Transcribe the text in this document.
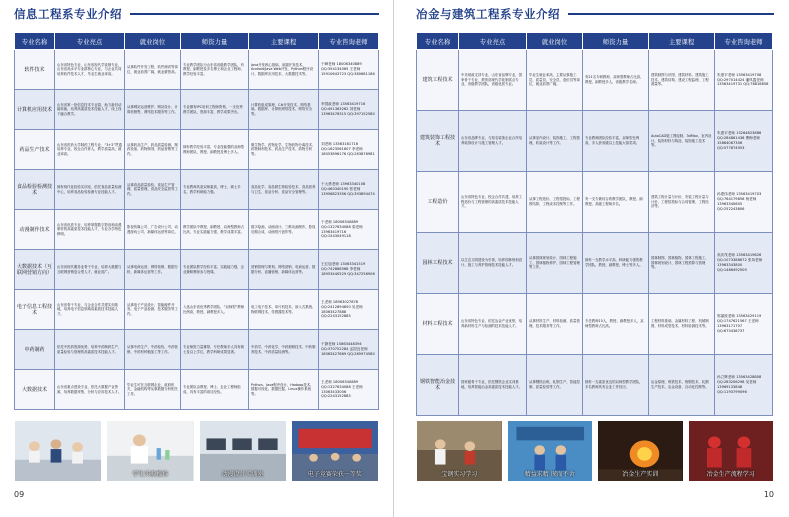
信息工程系专业介绍
专业名称	专业亮点	就业岗位	师资力量	主要课程	专业咨询老师
软件技术	山东省特色专业，山东省现代学徒制专业，山东省高水平专业群核心专业，与企业共同培养软件技术人才，毕业生就业率高。	从事软件开发工程、软件测试等岗位，就业前景广阔，就业薪资高。	专业教学团队为山东省省级教学团队，有教授、副教授及多名博士和企业工程师，教学经验丰富。	Java开发核心基础、前端开发技术、Android/Java Web开发、Python程序设计、数据库应用技术、大数据技术等。	于峰老师 18006340889 QQ:354134065 王老师 15910643723 QQ:380681186
计算机应用技术	山东省第一批信息技术专业群，助力新旧动能转换，培养高素质技术技能人才，线上线下融合教学。	从事网站运营维护、网站设计、计算机销售、网络技术服务等工作。	专业拥有IPC培训工程师资格、一支优秀教学团队，资源丰富，教学成果突出。	计算机组成原理、C#开发技术、网络基础、数据库、计算机网络技术、网络安全等。	李国政老师 13563419716 QQ:491363262 刘老师 13963476315 QQ:397152580
药品生产技术	山东省医药大学制药工程专业，“3+2”贯通培养专业，校企合作育人，教学质量高，就业率高。	从事药品生产、药品质量检测、制药设备、药物制剂、药品营销等工作。	拥有教学经验丰富、专业技能强的双师型教师团队，教授、副教授及博士多人。	微生物学、药物化学、生物药物分离技术、药物制剂技术、药品生产技术、药物分析等。	刘老师 13563161716 QQ:1623561607 李老师 18053896176 QQ:263876981
食品检验检测技术	拥有现代化检验实训室，依托食品质量检测中心，培养食品检验检测专业技能人才。	从事食品质量检验、食品生产管理、质量管理、食品安全监管等工作。	专业教师具备双师素质，博士、硕士多名，教学科研能力强。	食品化学、食品微生物检验技术、食品营养与卫生、食品分析、食品安全管理等。	于大勇老师 13963340108 QQ:460340190 张老师 13956823356 QQ:393894474
动漫制作技术	山东省优质专业，培养掌握数字影视和动漫制作的高素质技术技能人才，专业办学特色鲜明。	影视传媒公司、广告设计公司、动漫游戏公司、新媒体运营等岗位。	教学团队中教授、副教授、双师型教师占比高，专业实践能力强，教学成果丰富。	数字绘画、动画设计、三维动画制作、影视后期合成、动画短片创作等。	于老师 18006340889 QQ:1327634088 梁老师 13963419716 QQ:1543049118
大数据技术（互联网营销方向）	山东省现代服务业骨干专业，培养大数据与互联网营销复合型人才，就业面广。	从事电商运营、网络营销、数据分析、新媒体运营等工作。	专业团队教学经验丰富，实践能力强，企业兼职教师参与授课。	营销管理与策划、网络营销、电商运营、数据分析、直播营销、新媒体运营等。	王红旭老师 13063341519 QQ:742888568 李老师 18953440529 QQ:347256906
电子信息工程技术	山东省骨干专业，与企业合作共建实训基地，培养电子信息领域高素质技术技能人才。	从事电子产品设计、智能硬件开发、电子产品检测、技术服务等工作。	入选山东省优秀教学团队，“双师型”教师比例高，教授、副教授多人。	电工电子技术、单片机技术、嵌入式系统、物联网技术、传感器技术等。	王老师 18963027878 QQ:2412894850 吴老师 18063427888 QQ:2243152885
中药制药	依托中医药资源优势，培养中药制药生产、质量检验与管理的高素质技术技能人才。	从事中药生产、中药检验、中药营销、中药材种植加工等工作。	专业师资力量雄厚，专任教师多人具有硕士及以上学位，教学科研成果显著。	中药学、中药化学、中药炮制技术、中药制剂技术、中药质量检测等。	于静老师 15863448394 QQ:370752284 孟国良老师 18063427869 QQ:285974580
大数据技术	山东省重点建设专业，依托大数据产业资源，培养数据采集、分析与应用技术人才。	毕业生可在互联网企业、政府机关、金融机构等从事数据分析相关工作。	专业团队由教授、博士、企业工程师组成，具有丰富的项目经验。	Python、Java程序设计、Hadoop技术、数据可视化、数据挖掘、Linux操作系统等。	王老师 18006340889 QQ:1327634088 王老师 13063433006 QQ:2243152885
学生实验操作	动漫设计实训室	电子竞赛荣获一等奖
09
冶金与建筑工程系专业介绍
专业名称	专业亮点	就业岗位	师资力量	主要课程	专业咨询老师
建筑工程技术	中央财政支持专业，山东省品牌专业，国家骨干专业，教育部现代学徒制试点专业，省级教学团队，省级优质专业。	毕业生就业率高，主要从事施工员、质量员、安全员、造价员等岗位，就业前景广阔。	有21名专职教师，双师型教师占比高，教授、副教授多人，省级教学名师。	建筑制图与识图、建筑材料、建筑施工技术、建筑结构、建设工程监理、工程测量等。	朱建平老师 13563419708 QQ:297014424 潘风霞老师 13563419731 QQ:78816658
建筑装饰工程技术	山东省品牌专业，与知名装饰企业合作培养装饰设计与施工管理人才。	从事室内设计、装饰施工、工程管理、软装设计等工作。	专业教师团队经验丰富，双师型比例高，多人获省级以上技能大赛奖项。	AutoCAD施工图绘制、3dMax、室内设计、装饰材料与构造、装饰施工技术等。	朱建平老师 13264823886 QQ:284861438 曹梅老师 15864067306 QQ:577874953
工程造价	山东省特色专业，校企合作共建，培养工程造价与工程管理的高素质技术技能人才。	从事工程造价、工程招投标、工程预结算、工程成本控制等工作。	有一支专兼结合的教学团队，教授、副教授、高级工程师多名。	建筑工程计量与计价、安装工程计量与计价、工程招投标与合同管理、工程经济等。	孙建伟老师 13563419703 QQ:764179856 杨老师 13963340605 QQ:252243806
园林工程技术	以生态文明建设为引领，培养园林规划设计、施工与养护管理技术技能人才。	从事园林规划设计、园林工程施工、园林植物养护、园林工程管理等工作。	拥有一支教学水平高、科研能力强的教学团队，教授、副教授、博士等多人。	园林制图、园林植物、园林工程施工、园林规划设计、园林工程预算与管理等。	高庆茂老师 13563419826 QQ:1073388672 张凤老师 13963343800 QQ:1486492509
材料工程技术	山东省特色专业，依托冶金产业优势，培养新材料生产与检测的技术技能人才。	从事材料生产、材料检测、质量管理、技术服务等工作。	专任教师15人，教授、副教授多人，双师型教师占比高。	工程材料基础、金属材料工程、机械制图、材料成型技术、材料检测技术等。	郭丽波老师 13563429119 QQ:1747621567 王老师 13963171707 QQ:675438737
钢铁智能冶金技术	国家级骨干专业，依托钢铁企业实训基地，培养智能冶金高素质技术技能人才。	从事钢铁冶炼、轧钢生产、智能控制、质量检验等工作。	拥有一支素质优良的双师型教学团队，多名教师具有企业工作经历。	冶金原理、炼铁技术、炼钢技术、轧钢生产技术、冶金设备、自动化控制等。	孙立辉老师 13563428808 QQ:283206298 吴老师 13969133848 QQ:1193799096
宝钢实习学习	精益求精 锲而不舍	冶金生产实训	冶金生产流程学习
10
